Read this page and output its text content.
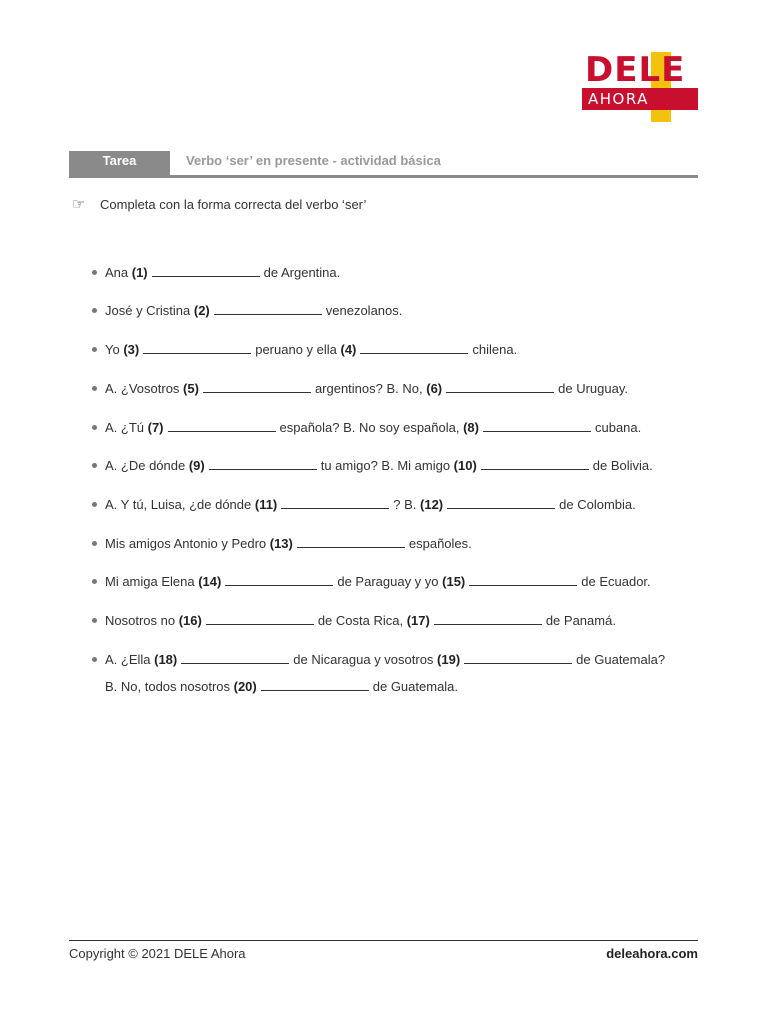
DELE
AHORA
Tarea	Verbo ‘ser’ en presente - actividad básica
☞ Completa con la forma correcta del verbo ‘ser’
Ana (1)	de Argentina.
José y Cristina (2)	venezolanos.
Yo (3)	peruano y ella (4)	chilena.
A. ¿Vosotros (5)	argentinos? B. No, (6)	de Uruguay.
A. ¿Tú (7)	española? B. No soy española, (8)	cubana.
A. ¿De dónde (9)	tu amigo? B. Mi amigo (10)	de Bolivia.
A. Y tú, Luisa, ¿de dónde (11)	? B. (12)	de Colombia.
Mis amigos Antonio y Pedro (13)	españoles.
Mi amiga Elena (14)	de Paraguay y yo (15)	de Ecuador.
Nosotros no (16)	de Costa Rica, (17)	de Panamá.
A. ¿Ella (18)	de Nicaragua y vosotros (19)	de Guatemala?
B. No, todos nosotros (20)	de Guatemala.
Copyright © 2021 DELE Ahora	deleahora.com
